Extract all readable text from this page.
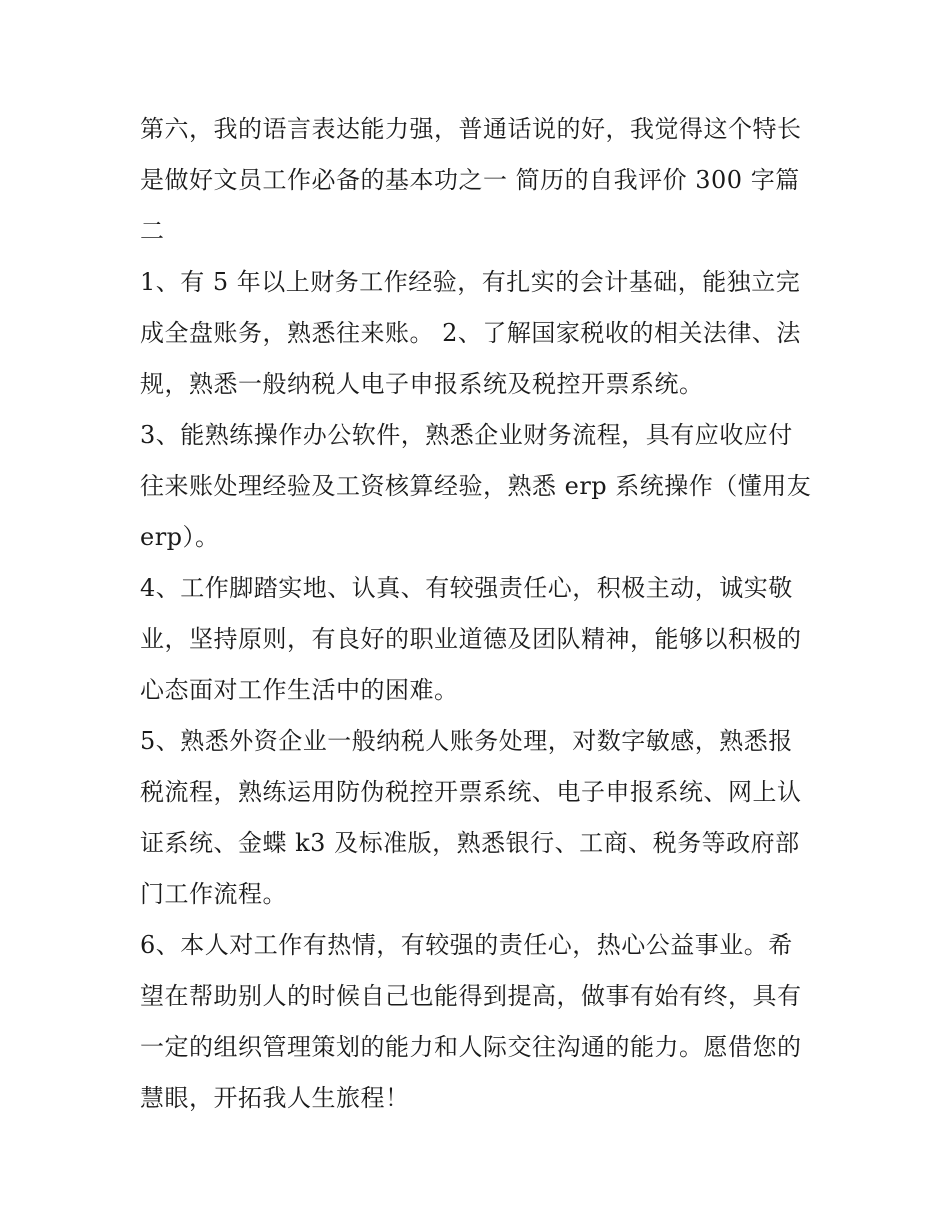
第六，我的语言表达能力强，普通话说的好，我觉得这个特长
是做好文员工作必备的基本功之一 简历的自我评价 300 字篇
二

1、有 5 年以上财务工作经验，有扎实的会计基础，能独立完
成全盘账务，熟悉往来账。 2、了解国家税收的相关法律、法
规，熟悉一般纳税人电子申报系统及税控开票系统。

3、能熟练操作办公软件，熟悉企业财务流程，具有应收应付
往来账处理经验及工资核算经验，熟悉 erp 系统操作（懂用友
erp）。

4、工作脚踏实地、认真、有较强责任心，积极主动，诚实敬
业，坚持原则，有良好的职业道德及团队精神，能够以积极的
心态面对工作生活中的困难。

5、熟悉外资企业一般纳税人账务处理，对数字敏感，熟悉报
税流程，熟练运用防伪税控开票系统、电子申报系统、网上认
证系统、金蝶 k3 及标准版，熟悉银行、工商、税务等政府部
门工作流程。

6、本人对工作有热情，有较强的责任心，热心公益事业。希
望在帮助别人的时候自己也能得到提高，做事有始有终，具有
一定的组织管理策划的能力和人际交往沟通的能力。愿借您的
慧眼，开拓我人生旅程！
